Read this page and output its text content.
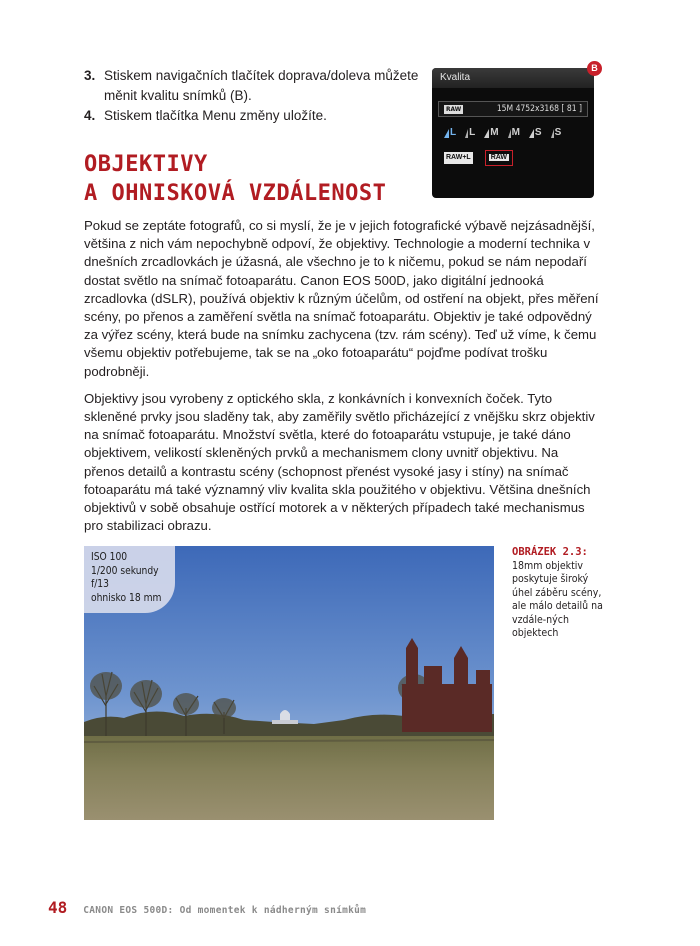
3. Stiskem navigačních tlačítek doprava/doleva můžete měnit kvalitu snímků (B).
4. Stiskem tlačítka Menu změny uložíte.
Kvalita
RAW	15M 4752x3168 [ 81 ]
L L M M S S
RAW+L	RAW
B
OBJEKTIVY
A OHNISKOVÁ VZDÁLENOST

Pokud se zeptáte fotografů, co si myslí, že je v jejich fotografické výbavě nejzásadnější, většina z nich vám nepochybně odpoví, že objektivy. Technologie a moderní technika v dnešních zrcadlovkách je úžasná, ale všechno je to k ničemu, pokud se nám nepodaří dostat světlo na snímač fotoaparátu. Canon EOS 500D, jako digitální jednooká zrcadlovka (dSLR), používá objektiv k různým účelům, od ostření na objekt, přes měření scény, po přenos a zaměření světla na snímač fotoaparátu. Objektiv je také odpovědný za výřez scény, která bude na snímku zachycena (tzv. rám scény). Teď už víme, k čemu všemu objektiv potřebujeme, tak se na „oko fotoaparátu“ pojďme podívat trošku podrobněji.

Objektivy jsou vyrobeny z optického skla, z konkávních i konvexních čoček. Tyto skleněné prvky jsou sladěny tak, aby zaměřily světlo přicházející z vnějšku skrz objektiv na snímač fotoaparátu. Množství světla, které do fotoaparátu vstupuje, je také dáno objektivem, velikostí skleněných prvků a mechanismem clony uvnitř objektivu. Na přenos detailů a kontrastu scény (schopnost přenést vysoké jasy i stíny) na snímač fotoaparátu má také významný vliv kvalita skla použitého v objektivu. Většina dnešních objektivů v sobě obsahuje ostřící motorek a v některých případech také mechanismus pro stabilizaci obrazu.

ISO 100
1/200 sekundy
f/13
ohnisko 18 mm
OBRÁZEK 2.3:
18mm objektiv poskytuje široký úhel záběru scény, ale málo detailů na vzdále-ných objektech
48 CANON EOS 500D: Od momentek k nádherným snímkům
